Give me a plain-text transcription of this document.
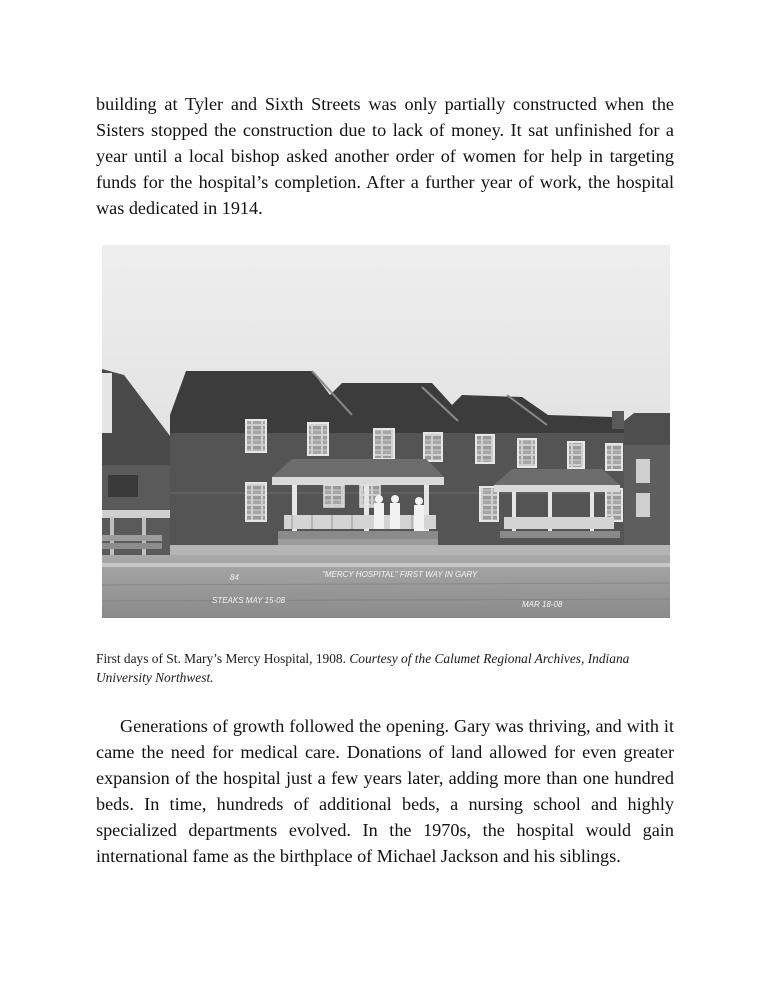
building at Tyler and Sixth Streets was only partially constructed when the Sisters stopped the construction due to lack of money. It sat unfinished for a year until a local bishop asked another order of women for help in targeting funds for the hospital’s completion. After a further year of work, the hospital was dedicated in 1914.

84	"MERCY HOSPITAL" FIRST WAY IN GARY
STEAKS MAY 15-08	MAR 18-08

First days of St. Mary’s Mercy Hospital, 1908. Courtesy of the Calumet Regional Archives, Indiana University Northwest.

Generations of growth followed the opening. Gary was thriving, and with it came the need for medical care. Donations of land allowed for even greater expansion of the hospital just a few years later, adding more than one hundred beds. In time, hundreds of additional beds, a nursing school and highly specialized departments evolved. In the 1970s, the hospital would gain international fame as the birthplace of Michael Jackson and his siblings.
